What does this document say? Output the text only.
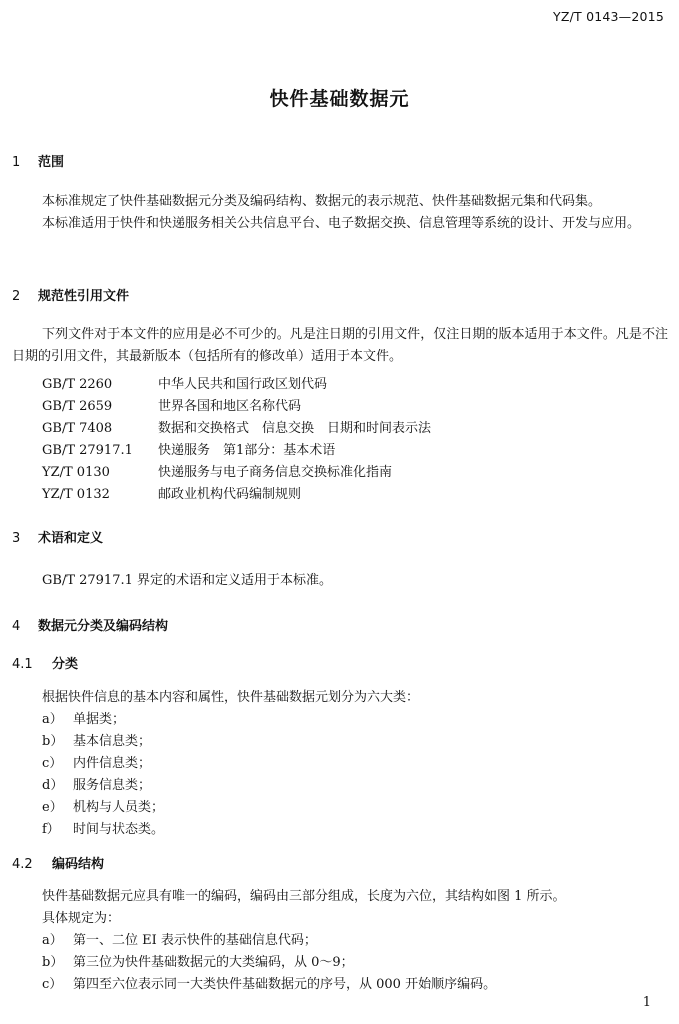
YZ/T 0143—2015
快件基础数据元
1 范围
本标准规定了快件基础数据元分类及编码结构、数据元的表示规范、快件基础数据元集和代码集。
本标准适用于快件和快递服务相关公共信息平台、电子数据交换、信息管理等系统的设计、开发与应用。
2 规范性引用文件
下列文件对于本文件的应用是必不可少的。凡是注日期的引用文件，仅注日期的版本适用于本文件。凡是不注日期的引用文件，其最新版本（包括所有的修改单）适用于本文件。
GB/T 2260	中华人民共和国行政区划代码
GB/T 2659	世界各国和地区名称代码
GB/T 7408	数据和交换格式　信息交换　日期和时间表示法
GB/T 27917.1 快递服务　第1部分：基本术语
YZ/T 0130	快递服务与电子商务信息交换标准化指南
YZ/T 0132	邮政业机构代码编制规则
3 术语和定义
GB/T 27917.1 界定的术语和定义适用于本标准。
4 数据元分类及编码结构
4.1 分类
根据快件信息的基本内容和属性，快件基础数据元划分为六大类：
a） 单据类；
b） 基本信息类；
c） 内件信息类；
d） 服务信息类；
e） 机构与人员类；
f） 时间与状态类。
4.2 编码结构
快件基础数据元应具有唯一的编码，编码由三部分组成，长度为六位，其结构如图 1 所示。
具体规定为：
a） 第一、二位 EI 表示快件的基础信息代码；
b） 第三位为快件基础数据元的大类编码，从 0～9；
c） 第四至六位表示同一大类快件基础数据元的序号，从 000 开始顺序编码。
1
